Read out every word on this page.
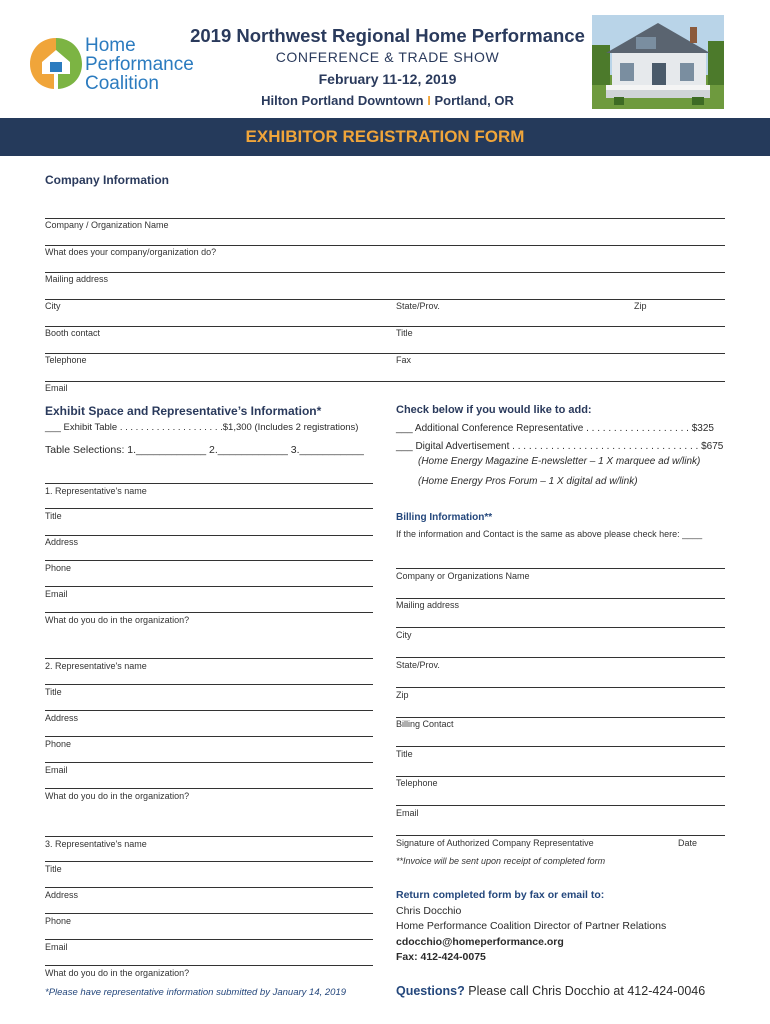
Home
Performance
Coalition
2019 Northwest Regional Home Performance
CONFERENCE & TRADE SHOW
February 11-12, 2019
Hilton Portland Downtown I Portland, OR
EXHIBITOR REGISTRATION FORM
Company Information
Company / Organization Name
What does your company/organization do?
Mailing address
City	State/Prov.	Zip
Booth contact	Title
Telephone	Fax
Email
Exhibit Space and Representative’s Information*
___ Exhibit Table . . . . . . . . . . . . . . . . . . . .$1,300 (Includes 2 registrations)
Table Selections: 1.____________ 2.____________ 3.___________
1. Representative's name
Title
Address
Phone
Email
What do you do in the organization?
2. Representative's name
Title
Address
Phone
Email
What do you do in the organization?
3. Representative's name
Title
Address
Phone
Email
What do you do in the organization?
*Please have representative information submitted by January 14, 2019
Check below if you would like to add:
___ Additional Conference Representative . . . . . . . . . . . . . . . . . . . $325
___ Digital Advertisement . . . . . . . . . . . . . . . . . . . . . . . . . . . . . . . . . . $675
(Home Energy Magazine E-newsletter – 1 X marquee ad w/link)
(Home Energy Pros Forum – 1 X digital ad w/link)
Billing Information**
If the information and Contact is the same as above please check here: ____
Company or Organizations Name
Mailing address
City
State/Prov.
Zip
Billing Contact
Title
Telephone
Email
Signature of Authorized Company Representative	Date
**Invoice will be sent upon receipt of completed form
Return completed form by fax or email to:
Chris Docchio
Home Performance Coalition Director of Partner Relations
cdocchio@homeperformance.org
Fax: 412-424-0075
Questions? Please call Chris Docchio at 412-424-0046
